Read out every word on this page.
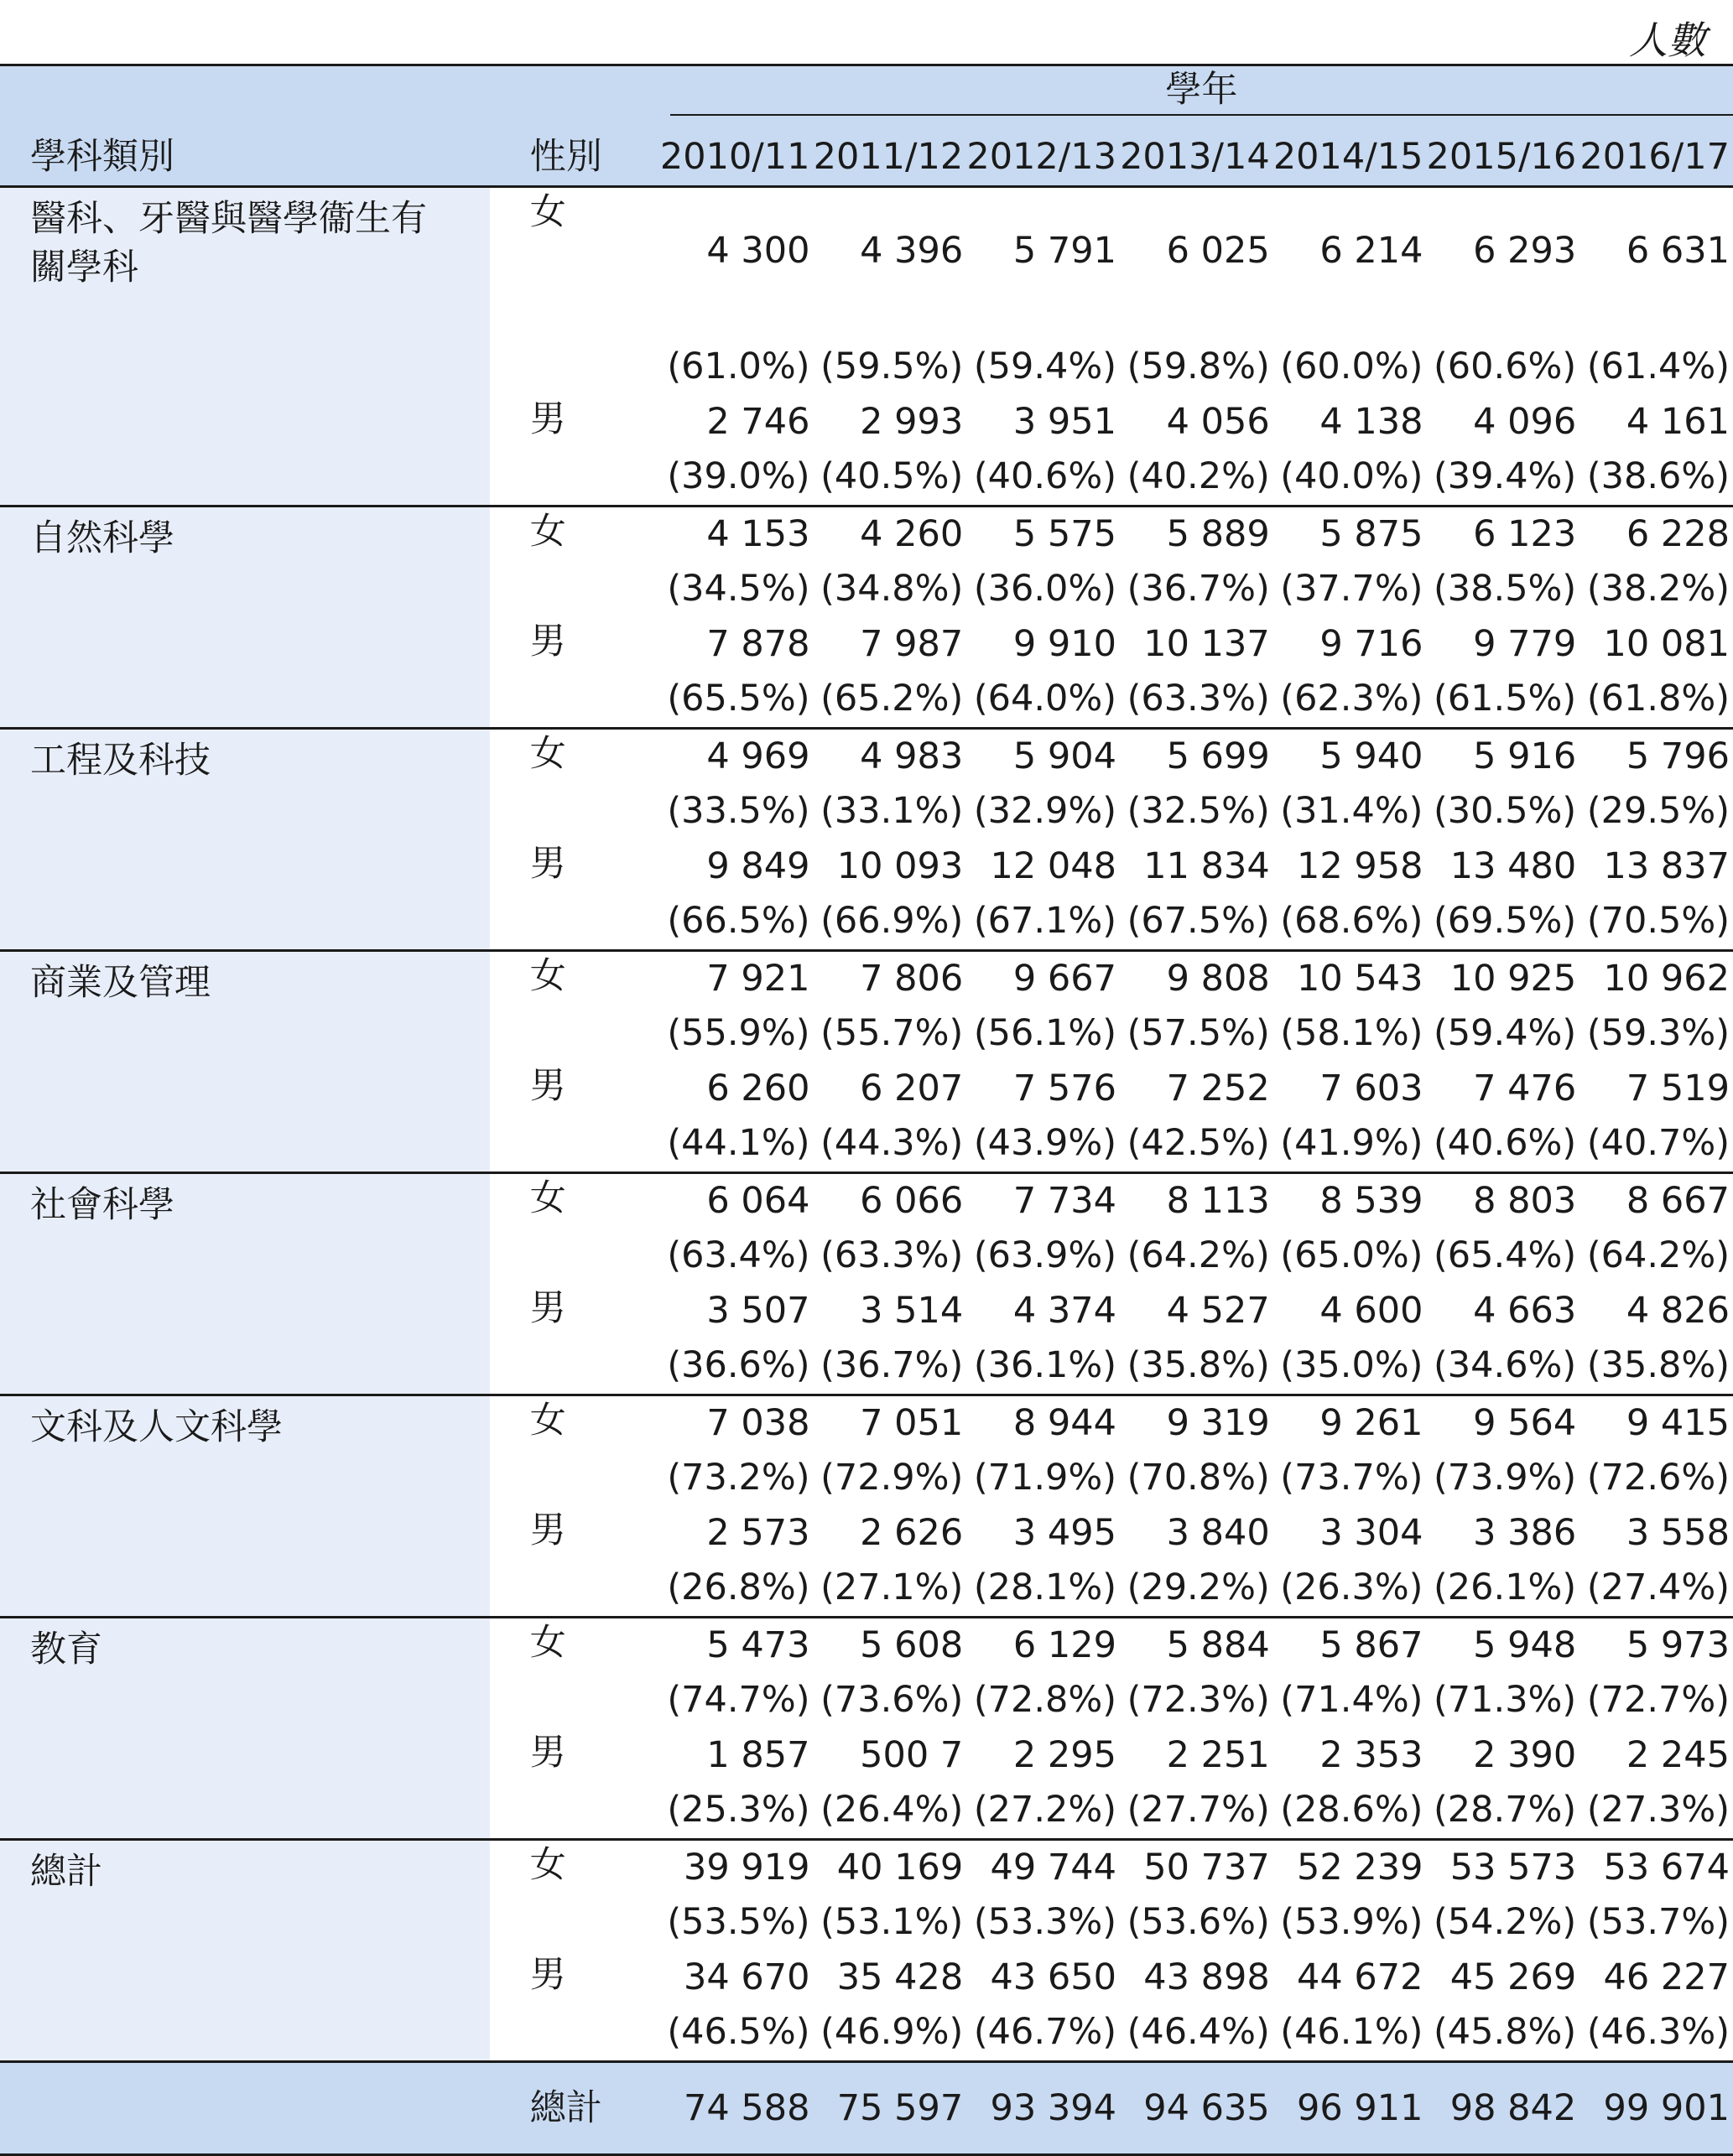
人數

		學年						

學科類別	性別	2010/11	2011/12	2012/13	2013/14	2014/15	2015/16	2016/17
醫科、牙醫與醫學衞生有關學科	女	4 300	4 396	5 791	6 025	6 214	6 293	6 631
		(61.0%)	(59.5%)	(59.4%)	(59.8%)	(60.0%)	(60.6%)	(61.4%)
	男	2 746	2 993	3 951	4 056	4 138	4 096	4 161
		(39.0%)	(40.5%)	(40.6%)	(40.2%)	(40.0%)	(39.4%)	(38.6%)
自然科學	女	4 153	4 260	5 575	5 889	5 875	6 123	6 228
		(34.5%)	(34.8%)	(36.0%)	(36.7%)	(37.7%)	(38.5%)	(38.2%)
	男	7 878	7 987	9 910	10 137	9 716	9 779	10 081
		(65.5%)	(65.2%)	(64.0%)	(63.3%)	(62.3%)	(61.5%)	(61.8%)
工程及科技	女	4 969	4 983	5 904	5 699	5 940	5 916	5 796
		(33.5%)	(33.1%)	(32.9%)	(32.5%)	(31.4%)	(30.5%)	(29.5%)
	男	9 849	10 093	12 048	11 834	12 958	13 480	13 837
		(66.5%)	(66.9%)	(67.1%)	(67.5%)	(68.6%)	(69.5%)	(70.5%)
商業及管理	女	7 921	7 806	9 667	9 808	10 543	10 925	10 962
		(55.9%)	(55.7%)	(56.1%)	(57.5%)	(58.1%)	(59.4%)	(59.3%)
	男	6 260	6 207	7 576	7 252	7 603	7 476	7 519
		(44.1%)	(44.3%)	(43.9%)	(42.5%)	(41.9%)	(40.6%)	(40.7%)
社會科學	女	6 064	6 066	7 734	8 113	8 539	8 803	8 667
		(63.4%)	(63.3%)	(63.9%)	(64.2%)	(65.0%)	(65.4%)	(64.2%)
	男	3 507	3 514	4 374	4 527	4 600	4 663	4 826
		(36.6%)	(36.7%)	(36.1%)	(35.8%)	(35.0%)	(34.6%)	(35.8%)
文科及人文科學	女	7 038	7 051	8 944	9 319	9 261	9 564	9 415
		(73.2%)	(72.9%)	(71.9%)	(70.8%)	(73.7%)	(73.9%)	(72.6%)
	男	2 573	2 626	3 495	3 840	3 304	3 386	3 558
		(26.8%)	(27.1%)	(28.1%)	(29.2%)	(26.3%)	(26.1%)	(27.4%)
教育	女	5 473	5 608	6 129	5 884	5 867	5 948	5 973
		(74.7%)	(73.6%)	(72.8%)	(72.3%)	(71.4%)	(71.3%)	(72.7%)
	男	1 857	500 7	2 295	2 251	2 353	2 390	2 245
		(25.3%)	(26.4%)	(27.2%)	(27.7%)	(28.6%)	(28.7%)	(27.3%)
總計	女	39 919	40 169	49 744	50 737	52 239	53 573	53 674
		(53.5%)	(53.1%)	(53.3%)	(53.6%)	(53.9%)	(54.2%)	(53.7%)
	男	34 670	35 428	43 650	43 898	44 672	45 269	46 227
		(46.5%)	(46.9%)	(46.7%)	(46.4%)	(46.1%)	(45.8%)	(46.3%)
	總計	74 588	75 597	93 394	94 635	96 911	98 842	99 901
